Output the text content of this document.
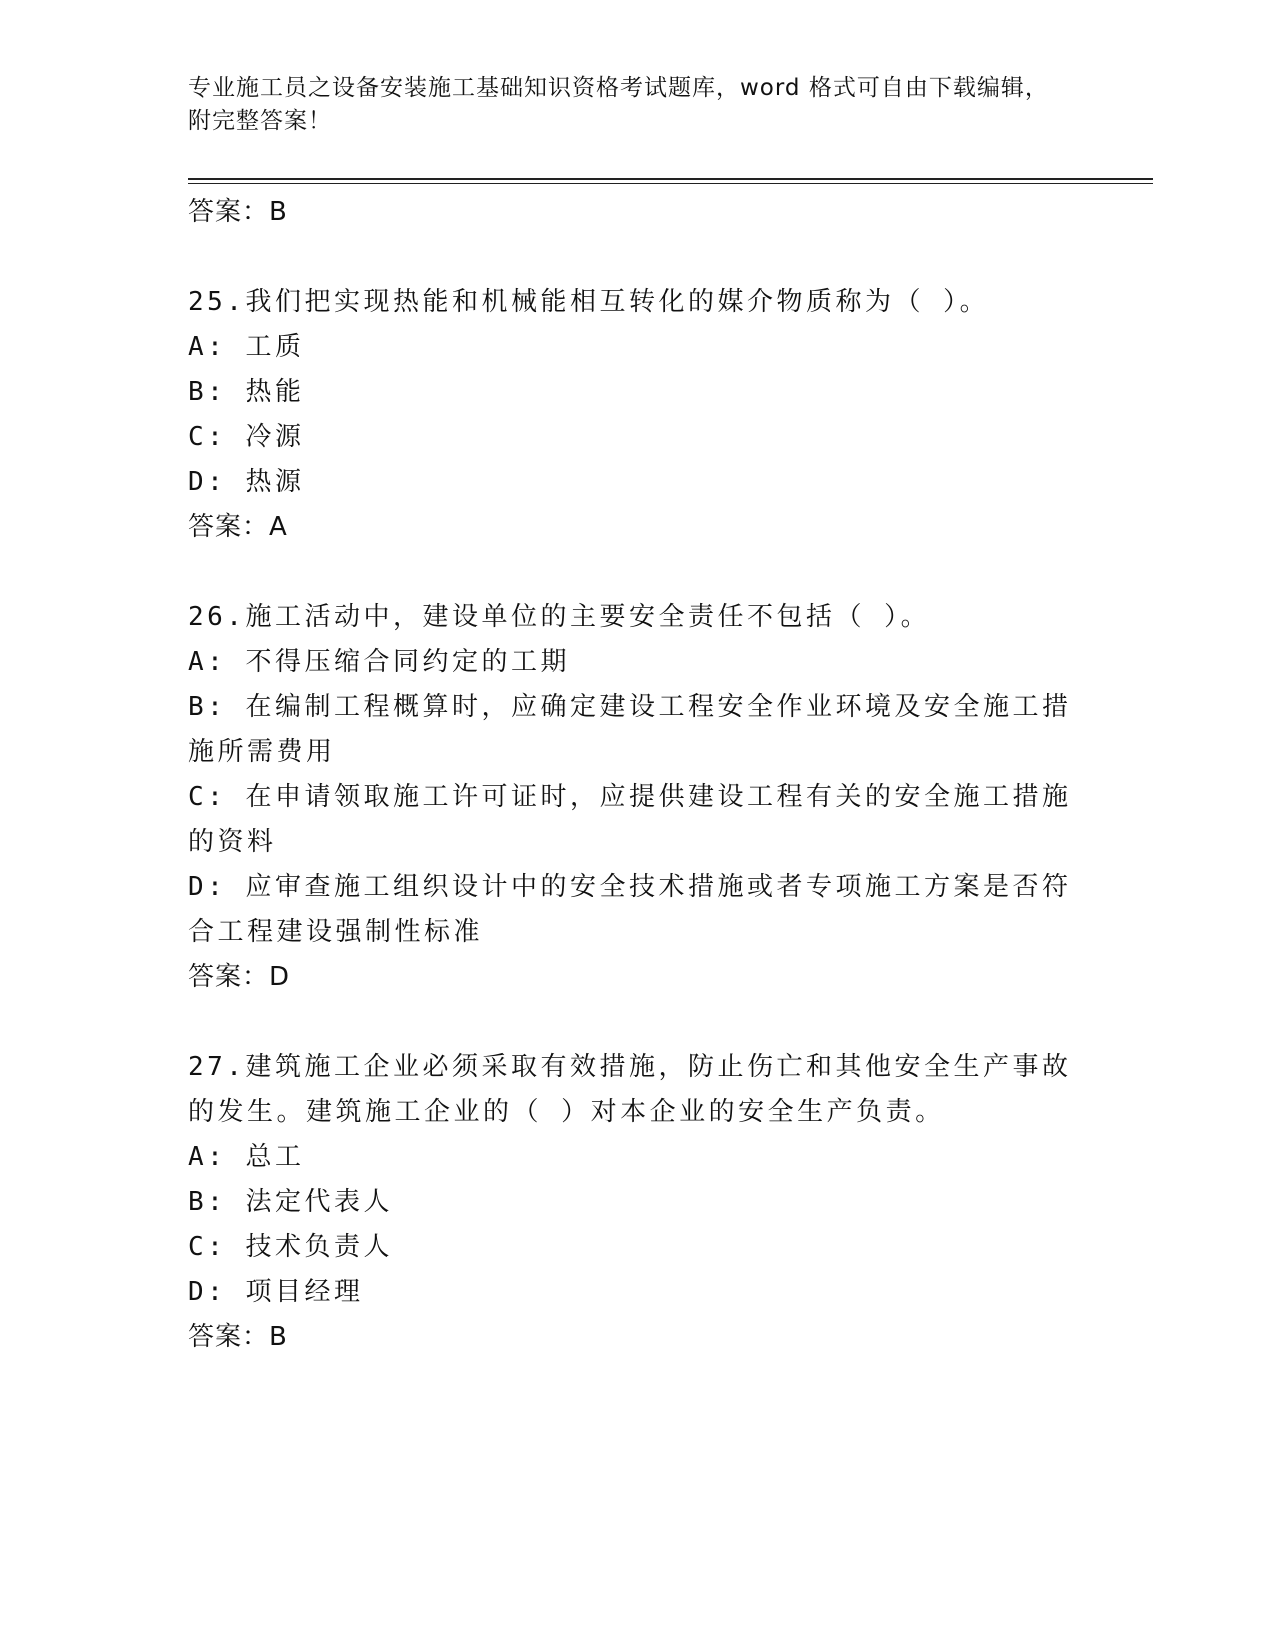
专业施工员之设备安装施工基础知识资格考试题库，word 格式可自由下载编辑，
附完整答案！
答案：B
25.我们把实现热能和机械能相互转化的媒介物质称为（ ）。
A: 工质
B: 热能
C: 冷源
D: 热源
答案：A
26.施工活动中，建设单位的主要安全责任不包括（ ）。
A: 不得压缩合同约定的工期
B: 在编制工程概算时，应确定建设工程安全作业环境及安全施工措施所需费用
C: 在申请领取施工许可证时，应提供建设工程有关的安全施工措施的资料
D: 应审查施工组织设计中的安全技术措施或者专项施工方案是否符合工程建设强制性标准
答案：D
27.建筑施工企业必须采取有效措施，防止伤亡和其他安全生产事故的发生。建筑施工企业的（ ）对本企业的安全生产负责。
A: 总工
B: 法定代表人
C: 技术负责人
D: 项目经理
答案：B
